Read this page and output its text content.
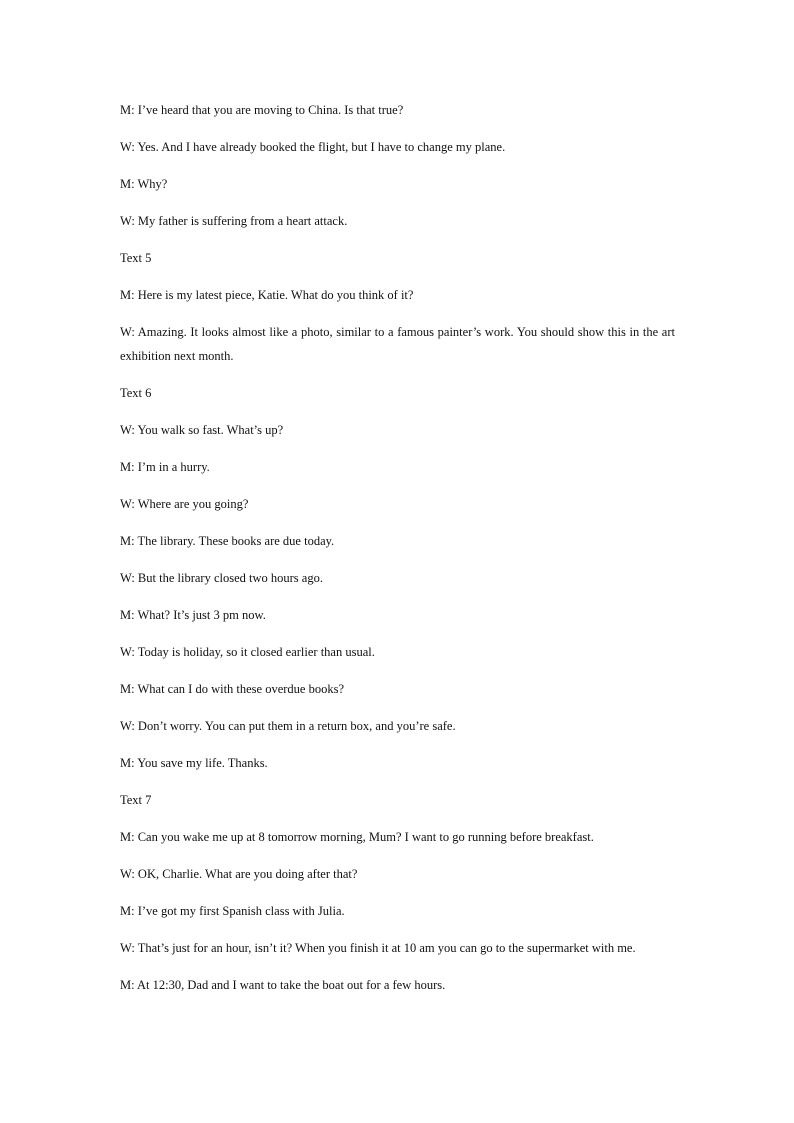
M: I’ve heard that you are moving to China. Is that true?

W: Yes. And I have already booked the flight, but I have to change my plane.

M: Why?

W: My father is suffering from a heart attack.

Text 5

M: Here is my latest piece, Katie. What do you think of it?

W: Amazing. It looks almost like a photo, similar to a famous painter’s work. You should show this in the art exhibition next month.

Text 6

W: You walk so fast. What’s up?

M: I’m in a hurry.

W: Where are you going?

M: The library. These books are due today.

W: But the library closed two hours ago.

M: What? It’s just 3 pm now.

W: Today is holiday, so it closed earlier than usual.

M: What can I do with these overdue books?

W: Don’t worry. You can put them in a return box, and you’re safe.

M: You save my life. Thanks.

Text 7

M: Can you wake me up at 8 tomorrow morning, Mum? I want to go running before breakfast.

W: OK, Charlie. What are you doing after that?

M: I’ve got my first Spanish class with Julia.

W: That’s just for an hour, isn’t it? When you finish it at 10 am you can go to the supermarket with me.

M: At 12:30, Dad and I want to take the boat out for a few hours.
